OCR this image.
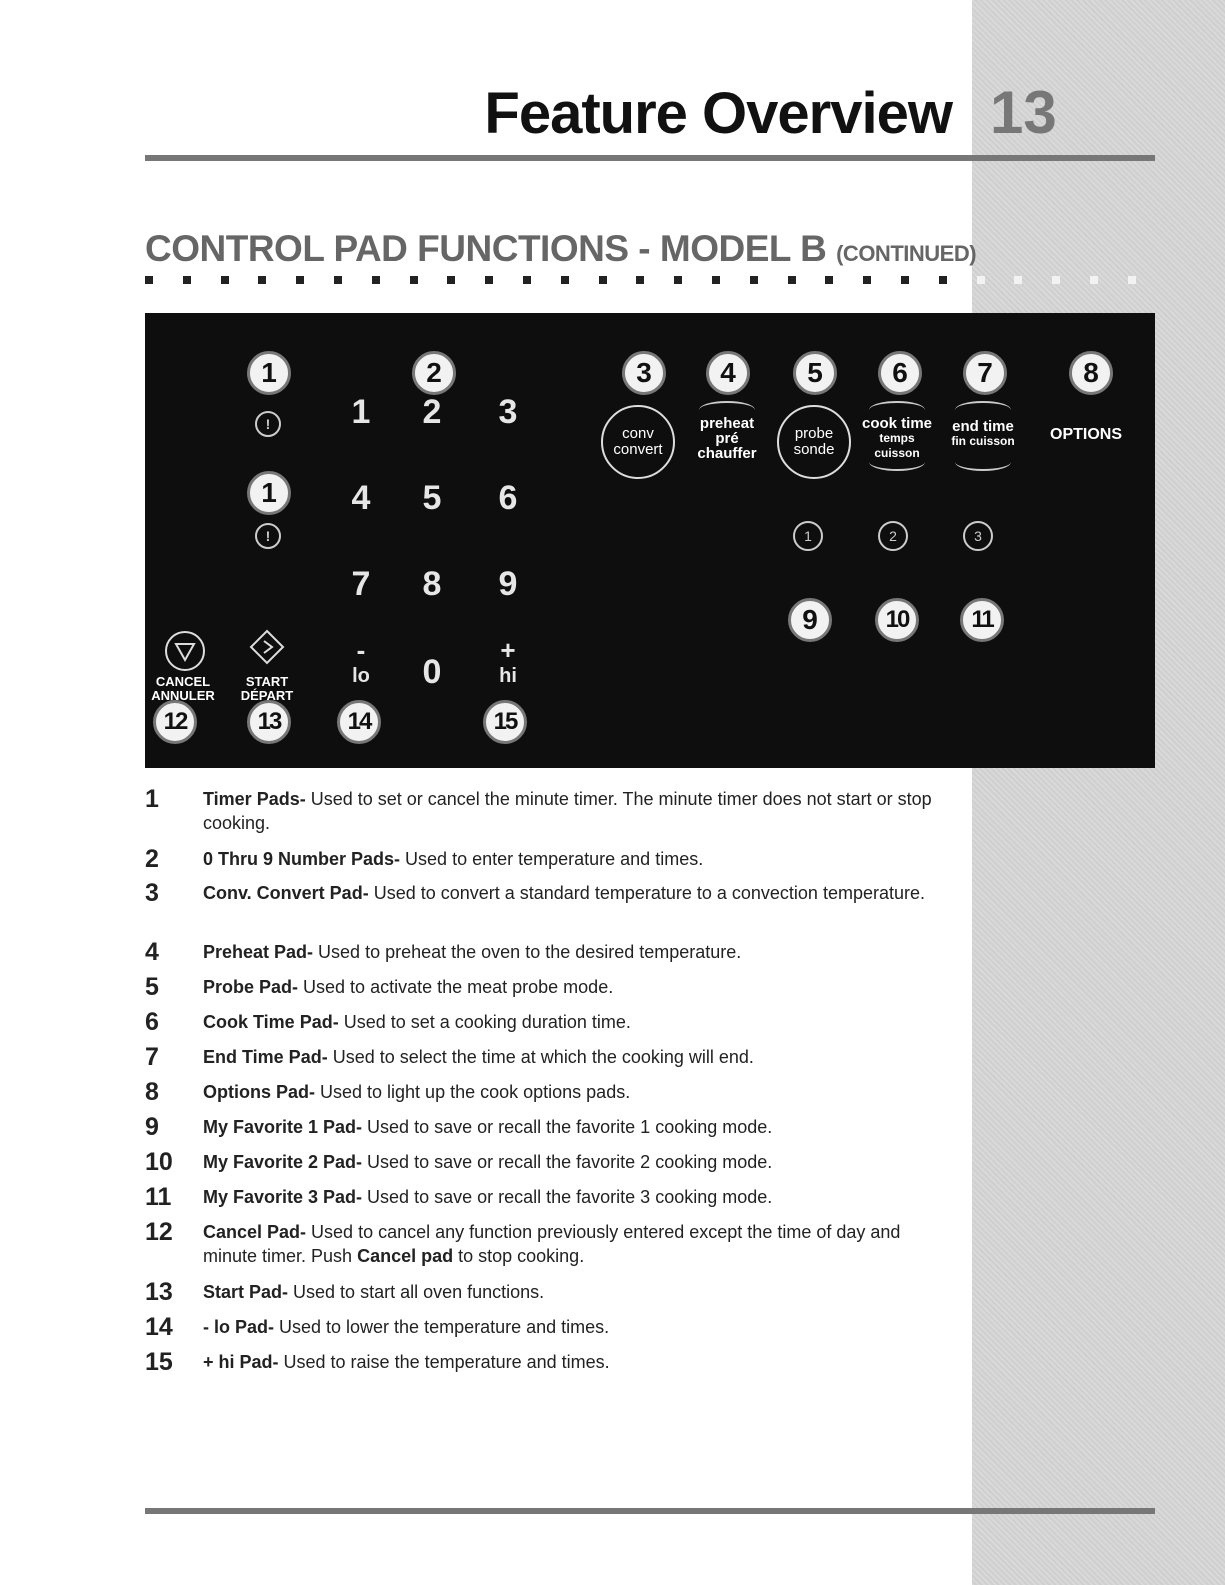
Feature Overview 13
CONTROL PAD FUNCTIONS - MODEL B (CONTINUED)
1	2	3	4	5	6	7	8
1
9	10	11
12	13	14	15
!
!
1	2	3
4	5	6
7	8	9
0
-
lo
+
hi
CANCEL
ANNULER
START
DÉPART
conv
convert
preheat
pré
chauffer
probe
sonde
cook time
temps
cuisson
end time
fin cuisson	OPTIONS
1	2	3
1	Timer Pads- Used to set or cancel the minute timer. The minute timer does not start or stop cooking.
2	0 Thru 9 Number Pads- Used to enter temperature and times.
3	Conv. Convert Pad- Used to convert a standard temperature to a convection temperature.
4	Preheat Pad- Used to preheat the oven to the desired temperature.
5	Probe Pad- Used to activate the meat probe mode.
6	Cook Time Pad- Used to set a cooking duration time.
7	End Time Pad- Used to select the time at which the cooking will end.
8	Options Pad- Used to light up the cook options pads.
9	My Favorite 1 Pad- Used to save or recall the favorite 1 cooking mode.
10	My Favorite 2 Pad- Used to save or recall the favorite 2 cooking mode.
11	My Favorite 3 Pad- Used to save or recall the favorite 3 cooking mode.
12	Cancel Pad- Used to cancel any function previously entered except the time of day and minute timer. Push Cancel pad to stop cooking.
13	Start Pad- Used to start all oven functions.
14	- lo Pad- Used to lower the temperature and times.
15	+ hi Pad- Used to raise the temperature and times.
